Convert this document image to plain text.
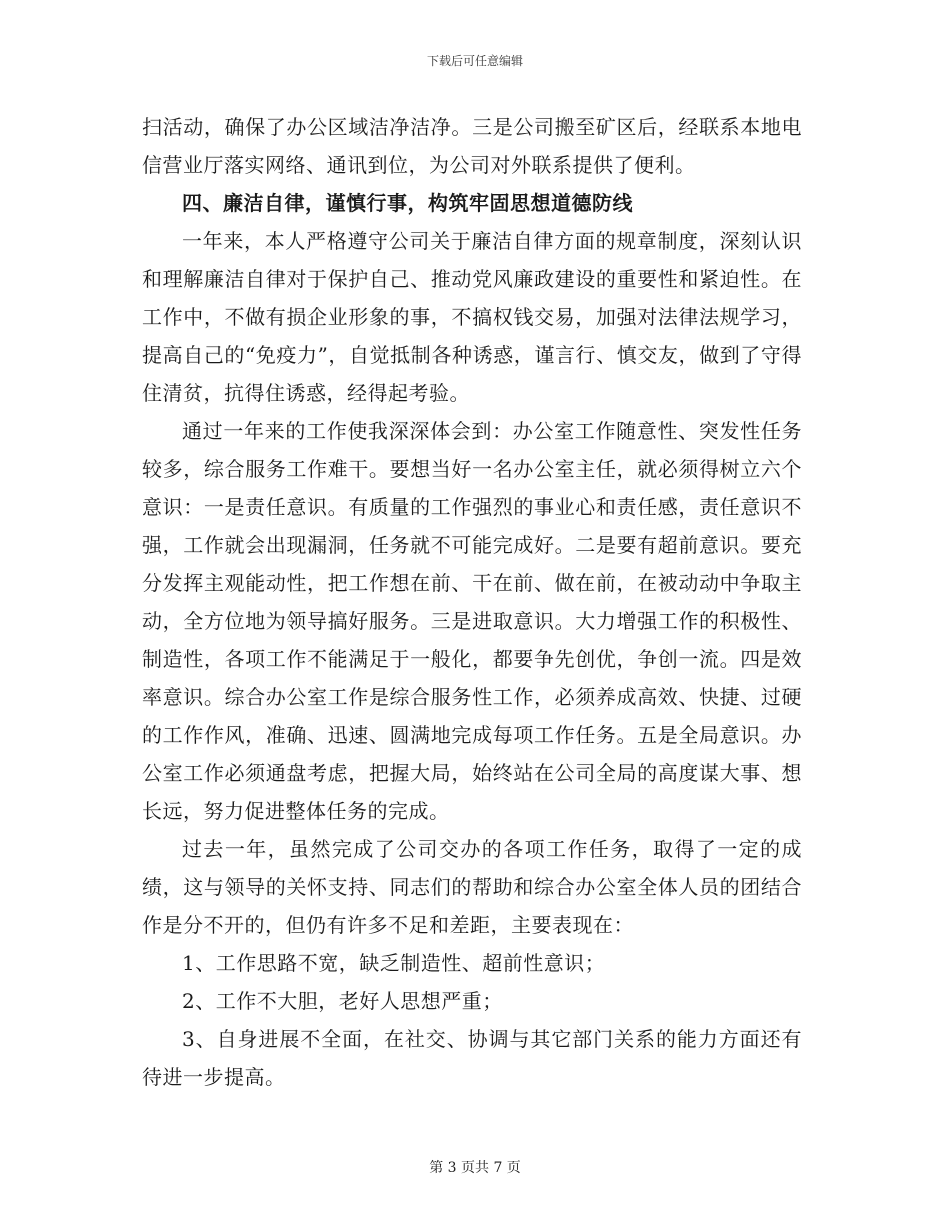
下载后可任意编辑

扫活动，确保了办公区域洁净洁净。三是公司搬至矿区后，经联系本地电信营业厅落实网络、通讯到位，为公司对外联系提供了便利。

四、廉洁自律，谨慎行事，构筑牢固思想道德防线

一年来，本人严格遵守公司关于廉洁自律方面的规章制度，深刻认识和理解廉洁自律对于保护自己、推动党风廉政建设的重要性和紧迫性。在工作中，不做有损企业形象的事，不搞权钱交易，加强对法律法规学习，提高自己的“免疫力”，自觉抵制各种诱惑，谨言行、慎交友，做到了守得住清贫，抗得住诱惑，经得起考验。

通过一年来的工作使我深深体会到：办公室工作随意性、突发性任务较多，综合服务工作难干。要想当好一名办公室主任，就必须得树立六个意识：一是责任意识。有质量的工作强烈的事业心和责任感，责任意识不强，工作就会出现漏洞，任务就不可能完成好。二是要有超前意识。要充分发挥主观能动性，把工作想在前、干在前、做在前，在被动动中争取主动，全方位地为领导搞好服务。三是进取意识。大力增强工作的积极性、制造性，各项工作不能满足于一般化，都要争先创优，争创一流。四是效率意识。综合办公室工作是综合服务性工作，必须养成高效、快捷、过硬的工作作风，准确、迅速、圆满地完成每项工作任务。五是全局意识。办公室工作必须通盘考虑，把握大局，始终站在公司全局的高度谋大事、想长远，努力促进整体任务的完成。

过去一年，虽然完成了公司交办的各项工作任务，取得了一定的成绩，这与领导的关怀支持、同志们的帮助和综合办公室全体人员的团结合作是分不开的，但仍有许多不足和差距，主要表现在：

1、工作思路不宽，缺乏制造性、超前性意识；

2、工作不大胆，老好人思想严重；

3、自身进展不全面，在社交、协调与其它部门关系的能力方面还有待进一步提高。

第 3 页共 7 页
